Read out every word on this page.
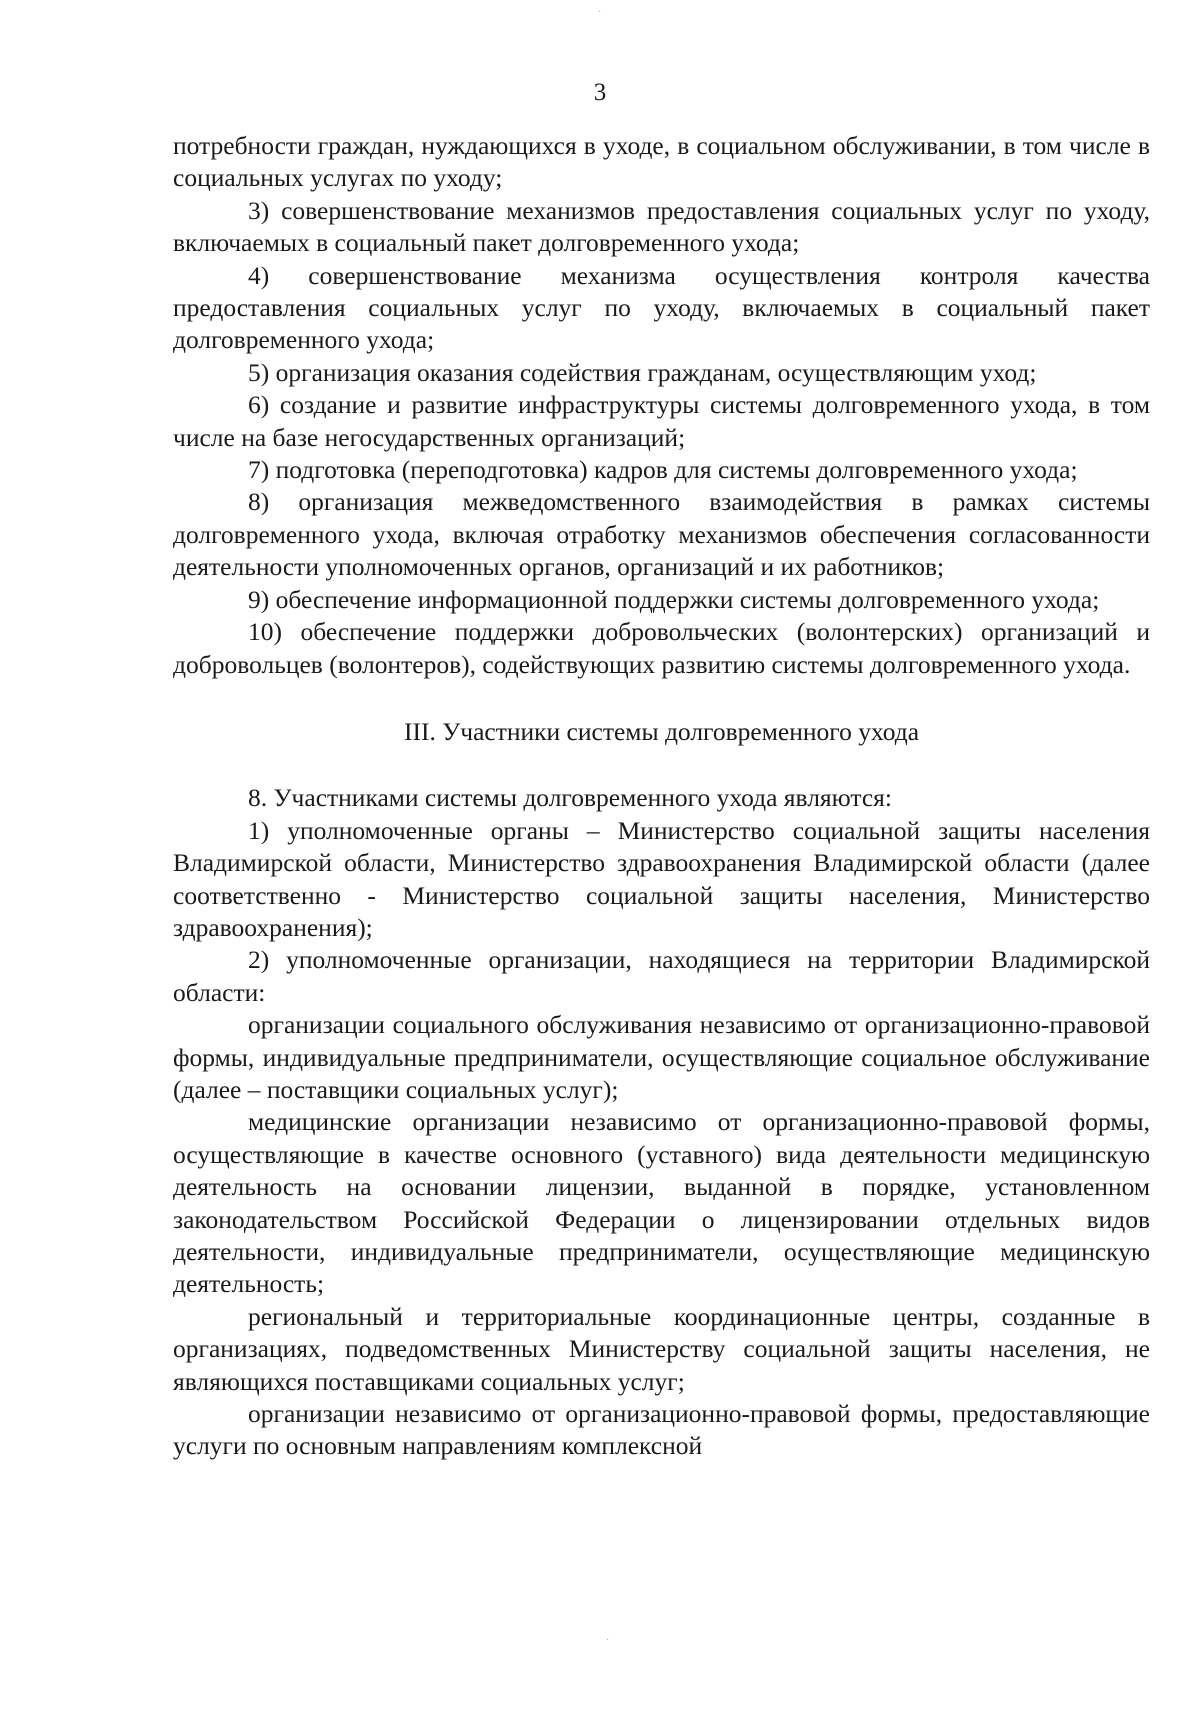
3

потребности граждан, нуждающихся в уходе, в социальном обслуживании, в том числе в социальных услугах по уходу;

3) совершенствование механизмов предоставления социальных услуг по уходу, включаемых в социальный пакет долговременного ухода;

4) совершенствование механизма осуществления контроля качества предоставления социальных услуг по уходу, включаемых в социальный пакет долговременного ухода;

5) организация оказания содействия гражданам, осуществляющим уход;

6) создание и развитие инфраструктуры системы долговременного ухода, в том числе на базе негосударственных организаций;

7) подготовка (переподготовка) кадров для системы долговременного ухода;

8) организация межведомственного взаимодействия в рамках системы долговременного ухода, включая отработку механизмов обеспечения согласованности деятельности уполномоченных органов, организаций и их работников;

9) обеспечение информационной поддержки системы долговременного ухода;

10) обеспечение поддержки добровольческих (волонтерских) организаций и добровольцев (волонтеров), содействующих развитию системы долговременного ухода.

III. Участники системы долговременного ухода

8. Участниками системы долговременного ухода являются:

1) уполномоченные органы – Министерство социальной защиты населения Владимирской области, Министерство здравоохранения Владимирской области (далее соответственно - Министерство социальной защиты населения, Министерство здравоохранения);

2) уполномоченные организации, находящиеся на территории Владимирской области:

организации социального обслуживания независимо от организационно-правовой формы, индивидуальные предприниматели, осуществляющие социальное обслуживание (далее – поставщики социальных услуг);

медицинские организации независимо от организационно-правовой формы, осуществляющие в качестве основного (уставного) вида деятельности медицинскую деятельность на основании лицензии, выданной в порядке, установленном законодательством Российской Федерации о лицензировании отдельных видов деятельности, индивидуальные предприниматели, осуществляющие медицинскую деятельность;

региональный и территориальные координационные центры, созданные в организациях, подведомственных Министерству социальной защиты населения, не являющихся поставщиками социальных услуг;

организации независимо от организационно-правовой формы, предоставляющие услуги по основным направлениям комплексной

·
·
